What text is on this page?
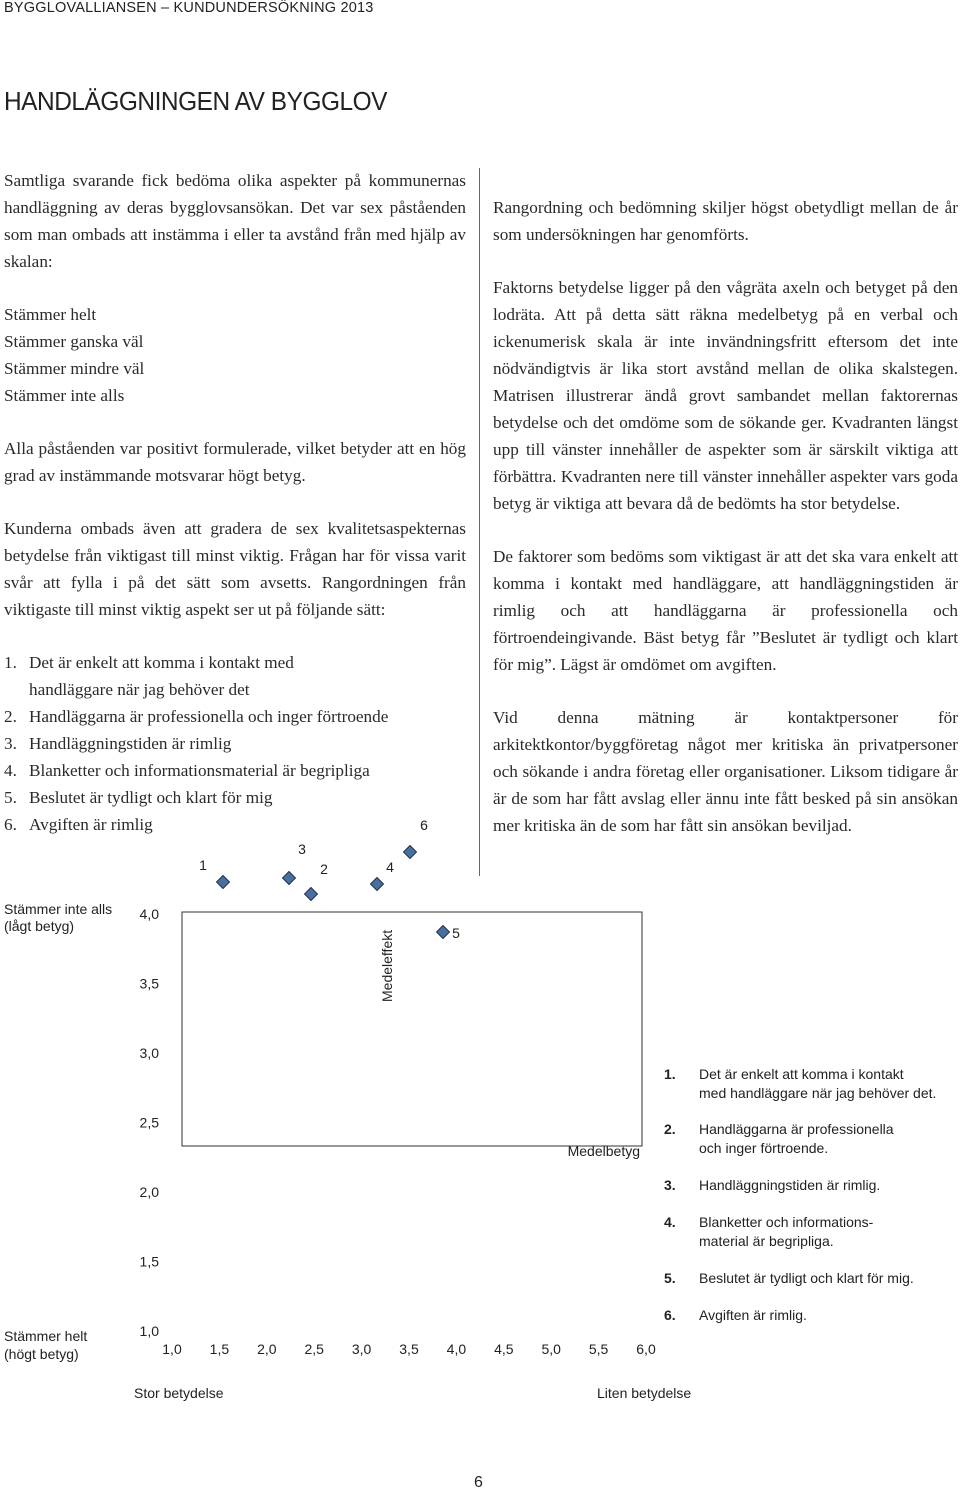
BYGGLOVALLIANSEN – KUNDUNDERSÖKNING 2013
HANDLÄGGNINGEN AV BYGGLOV

Samtliga svarande fick bedöma olika aspekter på kommunernas handläggning av deras bygglovsansökan. Det var sex påståenden som man ombads att instämma i eller ta avstånd från med hjälp av skalan:

Stämmer helt
Stämmer ganska väl
Stämmer mindre väl
Stämmer inte alls

Alla påståenden var positivt formulerade, vilket betyder att en hög grad av instämmande motsvarar högt betyg.

Kunderna ombads även att gradera de sex kvalitetsaspekternas betydelse från viktigast till minst viktig. Frågan har för vissa varit svår att fylla i på det sätt som avsetts. Rangordningen från viktigaste till minst viktig aspekt ser ut på följande sätt:

1. Det är enkelt att komma i kontakt med handläggare när jag behöver det
2. Handläggarna är professionella och inger förtroende
3. Handläggningstiden är rimlig
4. Blanketter och informationsmaterial är begripliga
5. Beslutet är tydligt och klart för mig
6. Avgiften är rimlig

Rangordning och bedömning skiljer högst obetydligt mellan de år som undersökningen har genomförts.

Faktorns betydelse ligger på den vågräta axeln och betyget på den lodräta. Att på detta sätt räkna medelbetyg på en verbal och ickenumerisk skala är inte invändningsfritt eftersom det inte nödvändigtvis är lika stort avstånd mellan de olika skalstegen. Matrisen illustrerar ändå grovt sambandet mellan faktorernas betydelse och det omdöme som de sökande ger. Kvadranten längst upp till vänster innehåller de aspekter som är särskilt viktiga att förbättra. Kvadranten nere till vänster innehåller aspekter vars goda betyg är viktiga att bevara då de bedömts ha stor betydelse.

De faktorer som bedöms som viktigast är att det ska vara enkelt att komma i kontakt med handläggare, att handläggningstiden är rimlig och att handläggarna är professionella och förtroendeingivande. Bäst betyg får ”Beslutet är tydligt och klart för mig”. Lägst är omdömet om avgiften.

Vid denna mätning är kontaktpersoner för arkitektkontor/byggföretag något mer kritiska än privatpersoner och sökande i andra företag eller organisationer. Liksom tidigare år är de som har fått avslag eller ännu inte fått besked på sin ansökan mer kritiska än de som har fått sin ansökan beviljad.

Stämmer inte alls (lågt betyg)
Stämmer helt (högt betyg)
Stor betydelse	Liten betydelse
4,0
3,5
3,0
2,5
2,0
1,5
1,0
1,0 1,5 2,0 2,5 3,0 3,5 4,0 4,5 5,0 5,5 6,0
Medeleffekt
Medelbetyg
1	2
3
4
5
6
1. Det är enkelt att komma i kontakt
med handläggare när jag behöver det.
2. Handläggarna är professionella
och inger förtroende.
3. Handläggningstiden är rimlig.
4. Blanketter och informations-
material är begripliga.
5. Beslutet är tydligt och klart för mig.
6. Avgiften är rimlig.
6
